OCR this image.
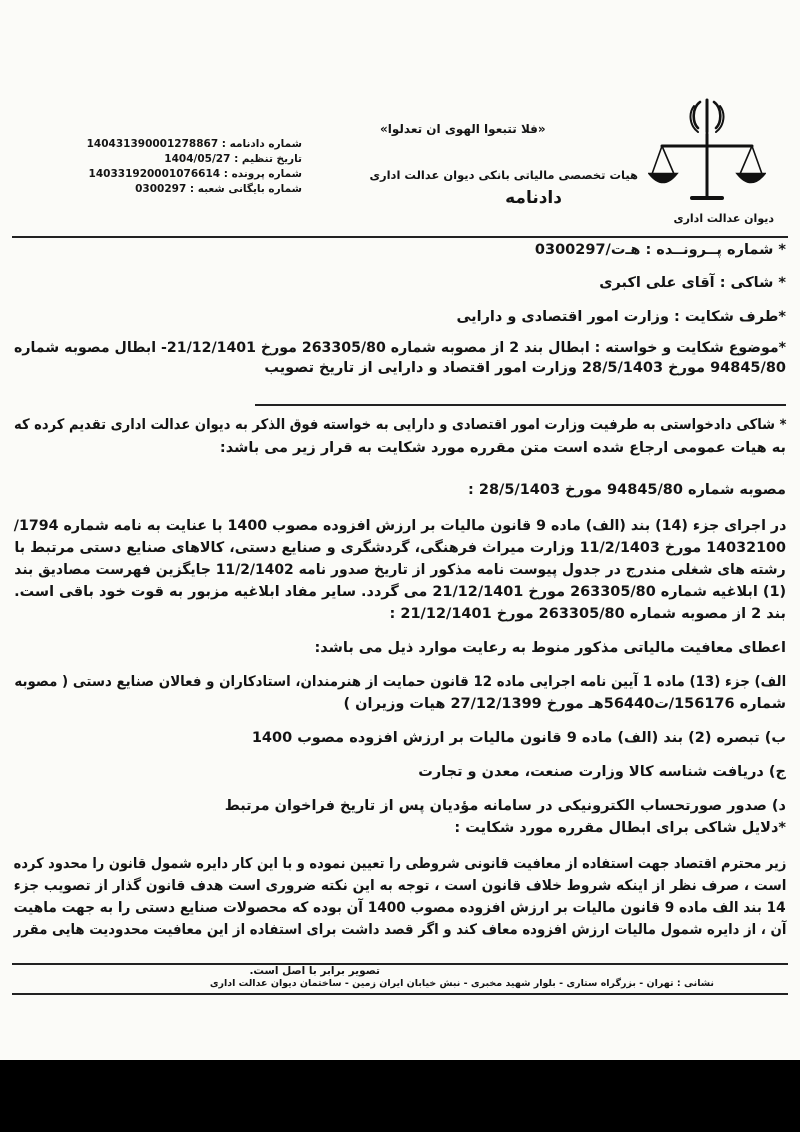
دیوان عدالت اداری
«فلا تتبعوا الهوى ان تعدلوا»
هیات تخصصی مالیاتی بانکی دیوان عدالت اداری
دادنامه
شماره دادنامه : 140431390001278867
تاریخ تنظیم : 1404/05/27
شماره پرونده : 140331920001076614
شماره بایگانی شعبه : 0300297
* شماره پــرونــده : هـ‌ت/0300297
* شاکی : آقای علی اکبری
*طرف شکایت : وزارت امور اقتصادی و دارایی
*موضوع شکایت و خواسته : ابطال بند 2 از مصوبه شماره 263305/80 مورخ 21/12/1401- ابطال مصوبه شماره
94845/80 مورخ 28/5/1403 وزارت امور اقتصاد و دارایی از تاریخ تصویب
* شاکی دادخواستی به طرفیت وزارت امور اقتصادی و دارایی به خواسته فوق الذکر به دیوان عدالت اداری تقدیم کرده که
به هیات عمومی ارجاع شده است متن مقرره مورد شکایت به قرار زیر می باشد:
مصوبه شماره 94845/80 مورخ 28/5/1403 :
در اجرای جزء (14) بند (الف) ماده 9 قانون مالیات بر ارزش افزوده مصوب 1400 با عنایت به نامه شماره 1794/
14032100 مورخ 11/2/1403 وزارت میراث فرهنگی، گردشگری و صنایع دستی، کالاهای صنایع دستی مرتبط با
رشته های شغلی مندرج در جدول پیوست نامه مذکور از تاریخ صدور نامه 11/2/1402 جایگزین فهرست مصادیق بند
(1) ابلاغیه شماره 263305/80 مورخ 21/12/1401 می گردد. سایر مفاد ابلاغیه مزبور به قوت خود باقی است.
بند 2 از مصوبه شماره 263305/80 مورخ 21/12/1401 :
اعطای معافیت مالیاتی مذکور منوط به رعایت موارد ذیل می باشد:
الف) جزء (13) ماده 1 آیین نامه اجرایی ماده 12 قانون حمایت از هنرمندان، استادکاران و فعالان صنایع دستی ( مصوبه
شماره 156176/ت56440هـ مورخ 27/12/1399 هیات وزیران )
ب) تبصره (2) بند (الف) ماده 9 قانون مالیات بر ارزش افزوده مصوب 1400
ج) دریافت شناسه کالا وزارت صنعت، معدن و تجارت
د) صدور صورتحساب الکترونیکی در سامانه مؤدیان پس از تاریخ فراخوان مرتبط
*دلایل شاکی برای ابطال مقرره مورد شکایت :
زیر محترم اقتصاد جهت استفاده از معافیت قانونی شروطی را تعیین نموده و با این کار دایره شمول قانون را محدود کرده
است ، صرف نظر از اینکه شروط خلاف قانون است ، توجه به این نکته ضروری است هدف قانون گذار از تصویب جزء
14 بند الف ماده 9 قانون مالیات بر ارزش افزوده مصوب 1400 آن بوده که محصولات صنایع دستی را به جهت ماهیت
آن ، از دایره شمول مالیات ارزش افزوده معاف کند و اگر قصد داشت برای استفاده از این معافیت محدودیت هایی مقرر
تصویر برابر با اصل است.
نشانی : تهران - بزرگراه ستاری - بلوار شهید مخبری - نبش خیابان ایران زمین - ساختمان دیوان عدالت اداری
